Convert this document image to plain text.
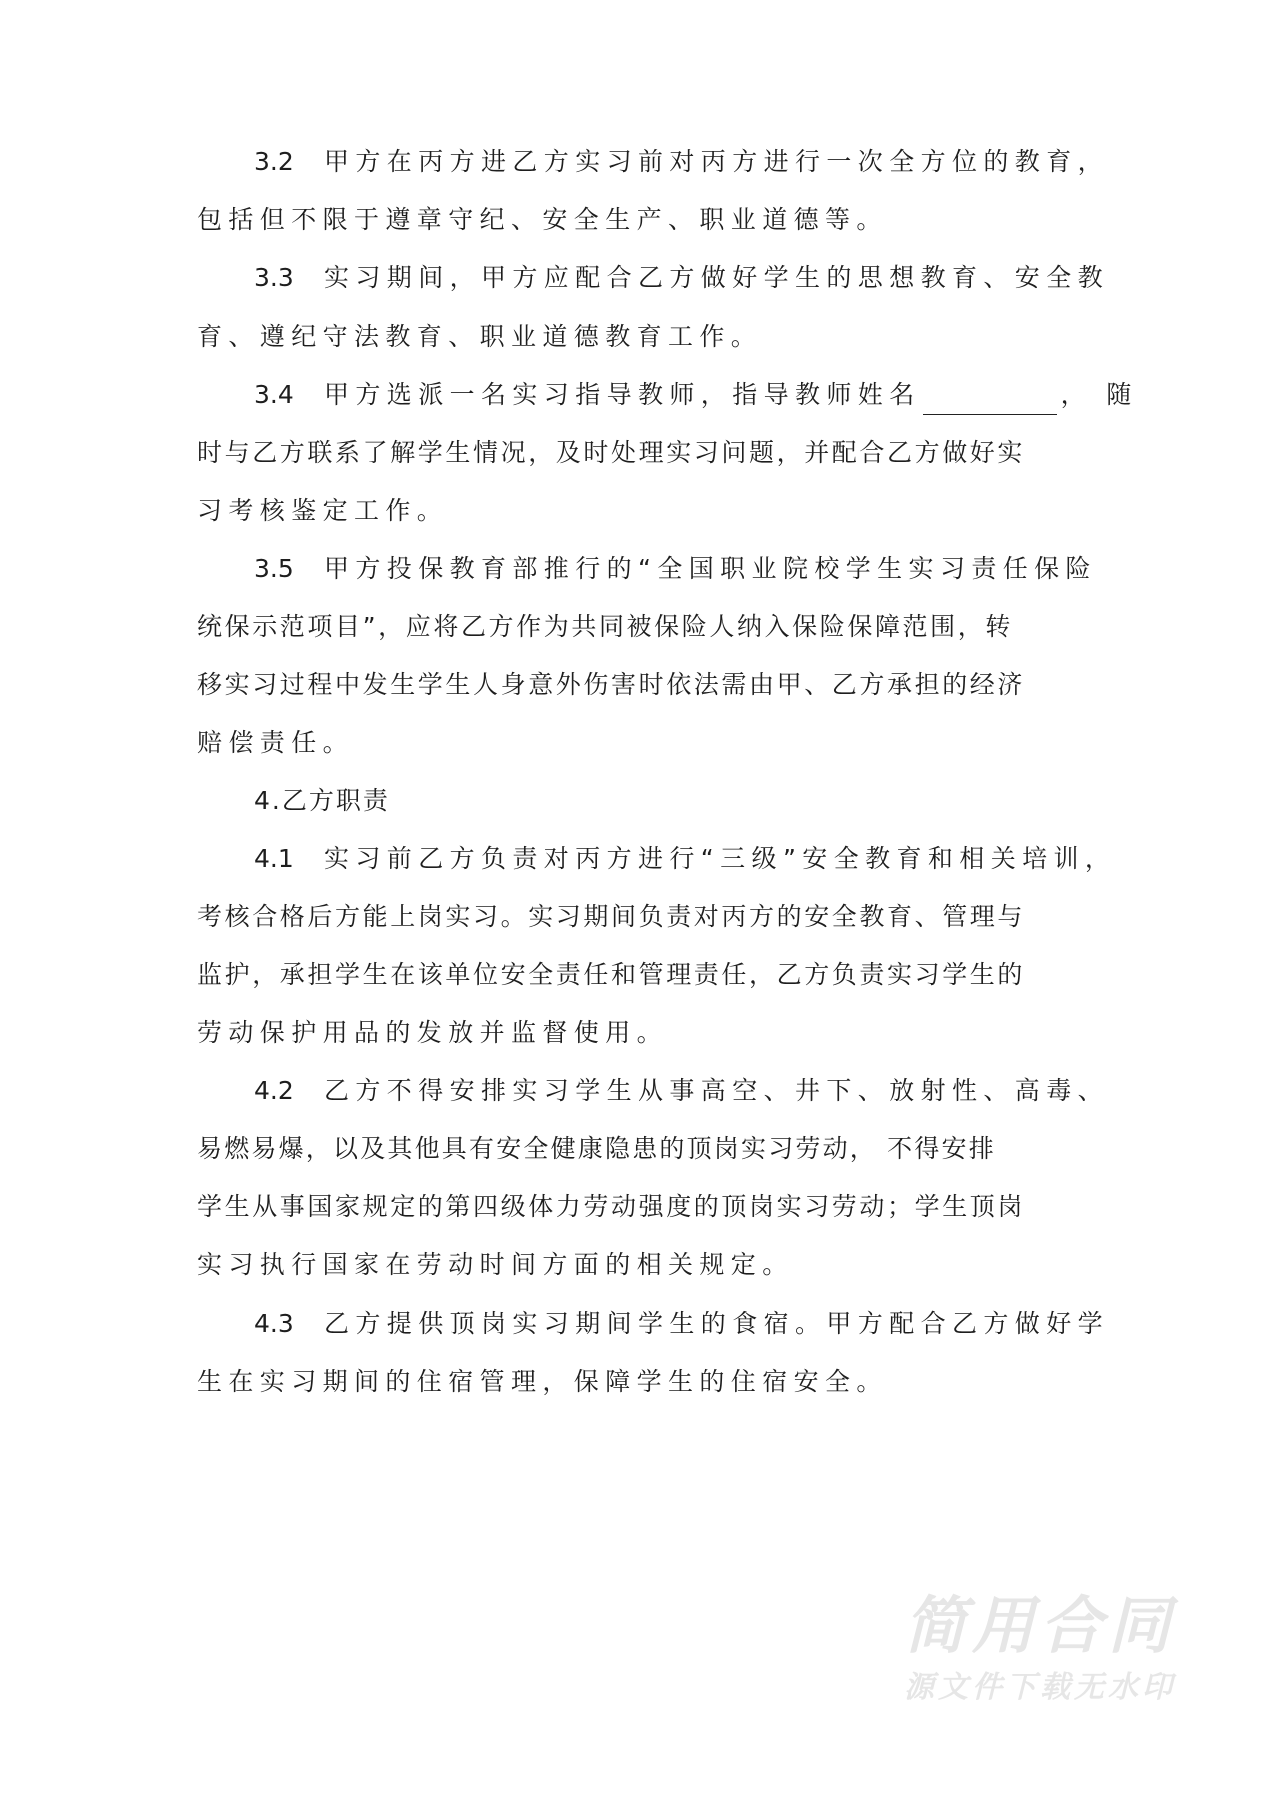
3.2 甲方在丙方进乙方实习前对丙方进行一次全方位的教育，
包括但不限于遵章守纪、安全生产、职业道德等。
3.3 实习期间，甲方应配合乙方做好学生的思想教育、安全教
育、遵纪守法教育、职业道德教育工作。
3.4 甲方选派一名实习指导教师，指导教师姓名	， 随
时与乙方联系了解学生情况，及时处理实习问题，并配合乙方做好实
习考核鉴定工作。
3.5 甲方投保教育部推行的“全国职业院校学生实习责任保险
统保示范项目”，应将乙方作为共同被保险人纳入保险保障范围，转
移实习过程中发生学生人身意外伤害时依法需由甲、乙方承担的经济
赔偿责任。
4.乙方职责
4.1 实习前乙方负责对丙方进行“三级”安全教育和相关培训，
考核合格后方能上岗实习。实习期间负责对丙方的安全教育、管理与
监护，承担学生在该单位安全责任和管理责任，乙方负责实习学生的
劳动保护用品的发放并监督使用。
4.2 乙方不得安排实习学生从事高空、井下、放射性、高毒、
易燃易爆，以及其他具有安全健康隐患的顶岗实习劳动， 不得安排
学生从事国家规定的第四级体力劳动强度的顶岗实习劳动；学生顶岗
实习执行国家在劳动时间方面的相关规定。
4.3 乙方提供顶岗实习期间学生的食宿。甲方配合乙方做好学
生在实习期间的住宿管理，保障学生的住宿安全。
简用合同
源文件下载无水印
